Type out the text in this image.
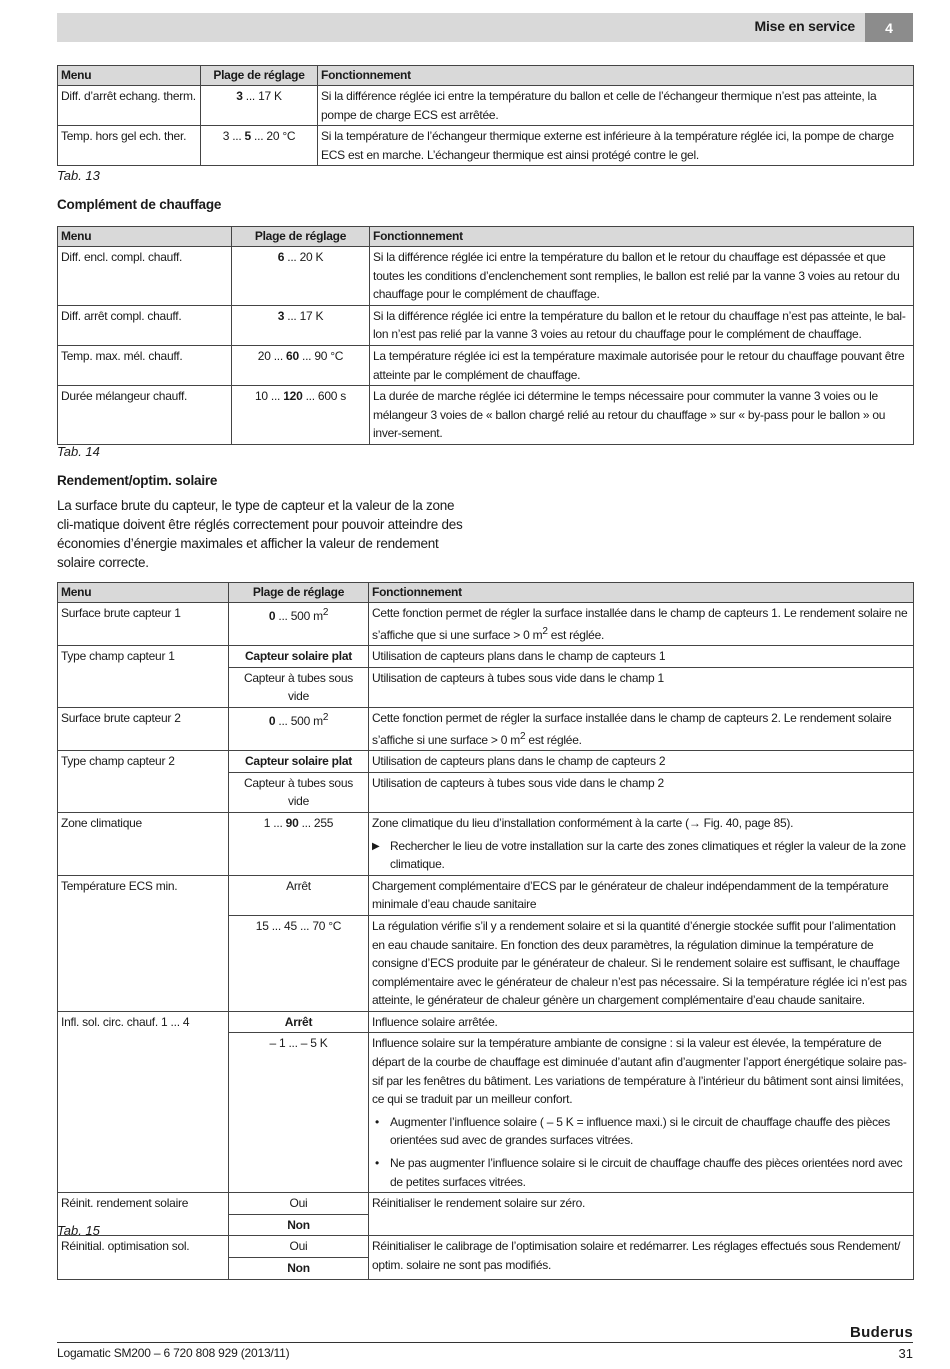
Mise en service	4
Menu	Plage de réglage	Fonctionnement
Diff. d’arrêt echang. therm.	3 ... 17 K	Si la différence réglée ici entre la température du ballon et celle de l’échangeur thermique n’est pas atteinte, la pompe de charge ECS est arrêtée.
Temp. hors gel ech. ther.	3 ... 5 ... 20 °C	Si la température de l’échangeur thermique externe est inférieure à la température réglée ici, la pompe de charge ECS est en marche. L’échangeur thermique est ainsi protégé contre le gel.
Tab. 13
Complément de chauffage
Menu	Plage de réglage	Fonctionnement
Diff. encl. compl. chauff.	6 ... 20 K	Si la différence réglée ici entre la température du ballon et le retour du chauffage est dépassée et que toutes les conditions d’enclenchement sont remplies, le ballon est relié par la vanne 3 voies au retour du chauffage pour le complément de chauffage.
Diff. arrêt compl. chauff.	3 ... 17 K	Si la différence réglée ici entre la température du ballon et le retour du chauffage n’est pas atteinte, le bal-lon n’est pas relié par la vanne 3 voies au retour du chauffage pour le complément de chauffage.
Temp. max. mél. chauff.	20 ... 60 ... 90 °C	La température réglée ici est la température maximale autorisée pour le retour du chauffage pouvant être atteinte par le complément de chauffage.
Durée mélangeur chauff.	10 ... 120 ... 600 s	La durée de marche réglée ici détermine le temps nécessaire pour commuter la vanne 3 voies ou le mélangeur 3 voies de « ballon chargé relié au retour du chauffage » sur « by-pass pour le ballon » ou inver-sement.
Tab. 14
Rendement/optim. solaire
La surface brute du capteur, le type de capteur et la valeur de la zone cli-matique doivent être réglés correctement pour pouvoir atteindre des économies d’énergie maximales et afficher la valeur de rendement solaire correcte.
Menu	Plage de réglage	Fonctionnement
Surface brute capteur 1	0 ... 500 $m^2$	Cette fonction permet de régler la surface installée dans le champ de capteurs 1. Le rendement solaire ne s’affiche que si une surface > 0 $m^2$ est réglée.
Type champ capteur 1	Capteur solaire plat	Utilisation de capteurs plans dans le champ de capteurs 1
	Capteur à tubes sous vide	Utilisation de capteurs à tubes sous vide dans le champ 1
Surface brute capteur 2	0 ... 500 $m^2$	Cette fonction permet de régler la surface installée dans le champ de capteurs 2. Le rendement solaire s’affiche si une surface > 0 $m^2$ est réglée.
Type champ capteur 2	Capteur solaire plat	Utilisation de capteurs plans dans le champ de capteurs 2
	Capteur à tubes sous vide	Utilisation de capteurs à tubes sous vide dans le champ 2
Zone climatique	1 ... 90 ... 255	Zone climatique du lieu d’installation conformément à la carte (→ Fig. 40, page 85).
▶ Rechercher le lieu de votre installation sur la carte des zones climatiques et régler la valeur de la zone climatique.

Température ECS min.	Arrêt	Chargement complémentaire d’ECS par le générateur de chaleur indépendamment de la température minimale d’eau chaude sanitaire
	15 ... 45 ... 70 °C	La régulation vérifie s’il y a rendement solaire et si la quantité d’énergie stockée suffit pour l’alimentation en eau chaude sanitaire. En fonction des deux paramètres, la régulation diminue la température de consigne d’ECS produite par le générateur de chaleur. Si le rendement solaire est suffisant, le chauffage complémentaire avec le générateur de chaleur n’est pas nécessaire. Si la température réglée ici n’est pas atteinte, le générateur de chaleur génère un chargement complémentaire d’eau chaude sanitaire.
Infl. sol. circ. chauf. 1 ... 4	Arrêt	Influence solaire arrêtée.
	– 1 ... – 5 K	Influence solaire sur la température ambiante de consigne : si la valeur est élevée, la température de départ de la courbe de chauffage est diminuée d’autant afin d’augmenter l’apport énergétique solaire pas-sif par les fenêtres du bâtiment. Les variations de température à l’intérieur du bâtiment sont ainsi limitées, ce qui se traduit par un meilleur confort.
• Augmenter l’influence solaire ( – 5 K = influence maxi.) si le circuit de chauffage chauffe des pièces orientées sud avec de grandes surfaces vitrées.
• Ne pas augmenter l’influence solaire si le circuit de chauffage chauffe des pièces orientées nord avec de petites surfaces vitrées.

Réinit. rendement solaire	Oui	Réinitialiser le rendement solaire sur zéro.
	Non	
Réinitial. optimisation sol.	Oui	Réinitialiser le calibrage de l’optimisation solaire et redémarrer. Les réglages effectués sous Rendement/ optim. solaire ne sont pas modifiés.
	Non	
Tab. 15
Buderus
Logamatic SM200 – 6 720 808 929 (2013/11)	31
